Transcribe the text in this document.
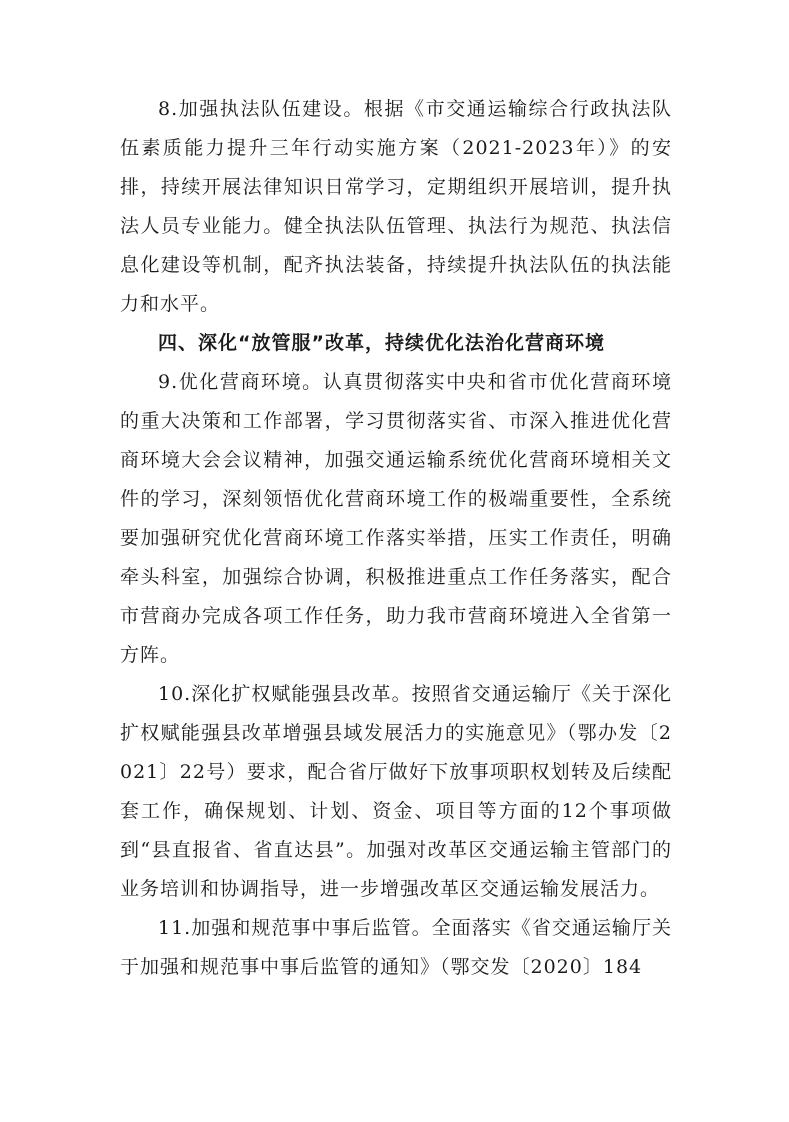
8.加强执法队伍建设。根据《市交通运输综合行政执法队伍素质能力提升三年行动实施方案（2021-2023年）》的安排，持续开展法律知识日常学习，定期组织开展培训，提升执法人员专业能力。健全执法队伍管理、执法行为规范、执法信息化建设等机制，配齐执法装备，持续提升执法队伍的执法能力和水平。

四、深化“放管服”改革，持续优化法治化营商环境

9.优化营商环境。认真贯彻落实中央和省市优化营商环境的重大决策和工作部署，学习贯彻落实省、市深入推进优化营商环境大会会议精神，加强交通运输系统优化营商环境相关文件的学习，深刻领悟优化营商环境工作的极端重要性，全系统要加强研究优化营商环境工作落实举措，压实工作责任，明确牵头科室，加强综合协调，积极推进重点工作任务落实，配合市营商办完成各项工作任务，助力我市营商环境进入全省第一方阵。

10.深化扩权赋能强县改革。按照省交通运输厅《关于深化扩权赋能强县改革增强县域发展活力的实施意见》（鄂办发〔2021〕22号）要求，配合省厅做好下放事项职权划转及后续配套工作，确保规划、计划、资金、项目等方面的12个事项做到“县直报省、省直达县”。加强对改革区交通运输主管部门的业务培训和协调指导，进一步增强改革区交通运输发展活力。

11.加强和规范事中事后监管。全面落实《省交通运输厅关于加强和规范事中事后监管的通知》（鄂交发〔2020〕184
